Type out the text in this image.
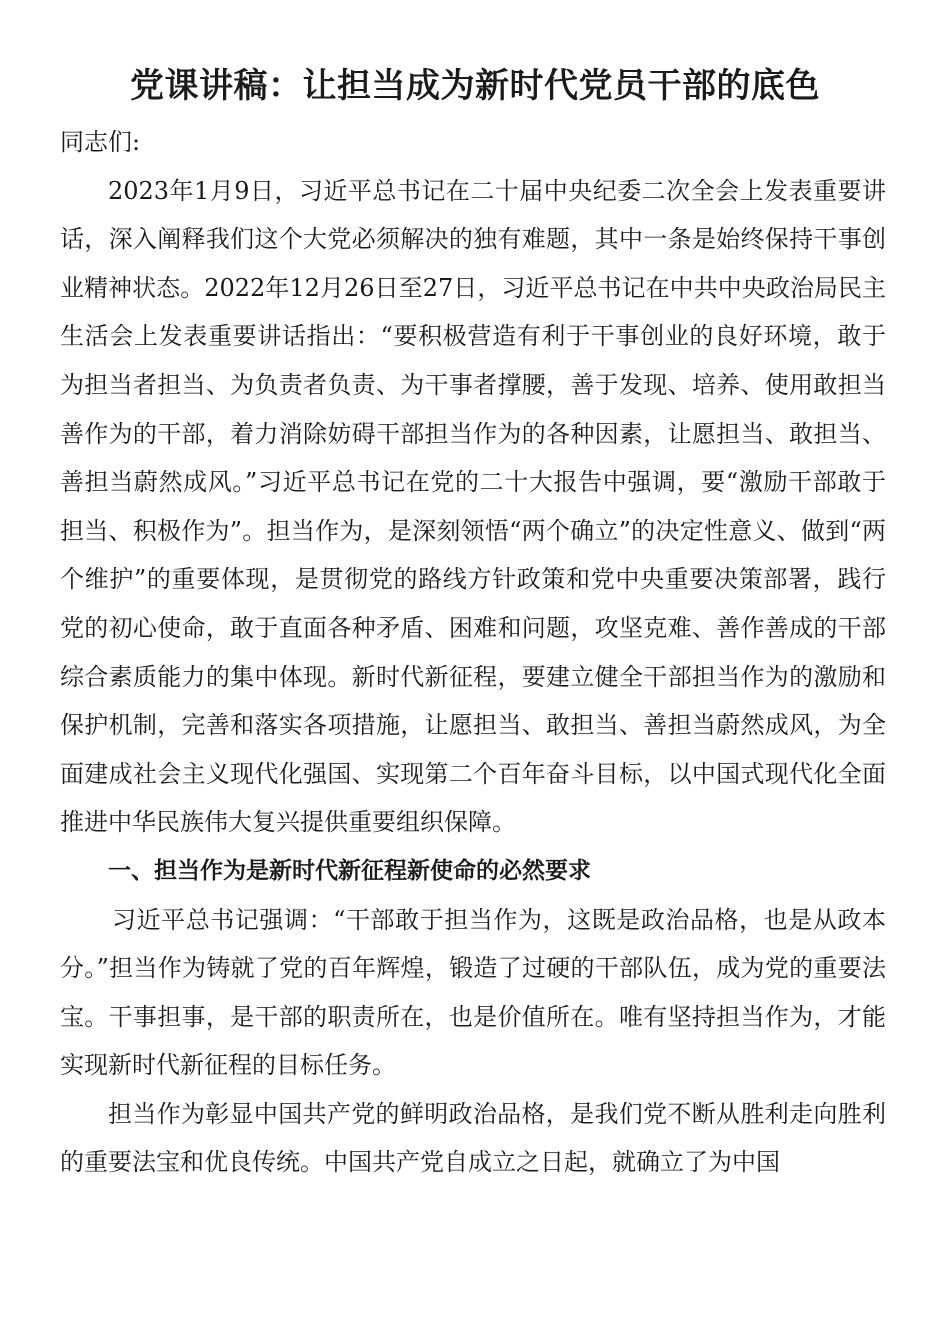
党课讲稿：让担当成为新时代党员干部的底色

同志们:

2023年1月9日，习近平总书记在二十届中央纪委二次全会上发表重要讲话，深入阐释我们这个大党必须解决的独有难题，其中一条是始终保持干事创业精神状态。2022年12月26日至27日，习近平总书记在中共中央政治局民主生活会上发表重要讲话指出：“要积极营造有利于干事创业的良好环境，敢于为担当者担当、为负责者负责、为干事者撑腰，善于发现、培养、使用敢担当善作为的干部，着力消除妨碍干部担当作为的各种因素，让愿担当、敢担当、善担当蔚然成风。”习近平总书记在党的二十大报告中强调，要“激励干部敢于担当、积极作为”。担当作为，是深刻领悟“两个确立”的决定性意义、做到“两个维护”的重要体现，是贯彻党的路线方针政策和党中央重要决策部署，践行党的初心使命，敢于直面各种矛盾、困难和问题，攻坚克难、善作善成的干部综合素质能力的集中体现。新时代新征程，要建立健全干部担当作为的激励和保护机制，完善和落实各项措施，让愿担当、敢担当、善担当蔚然成风，为全面建成社会主义现代化强国、实现第二个百年奋斗目标，以中国式现代化全面推进中华民族伟大复兴提供重要组织保障。

一、担当作为是新时代新征程新使命的必然要求

习近平总书记强调：“干部敢于担当作为，这既是政治品格，也是从政本分。”担当作为铸就了党的百年辉煌，锻造了过硬的干部队伍，成为党的重要法宝。干事担事，是干部的职责所在，也是价值所在。唯有坚持担当作为，才能实现新时代新征程的目标任务。

担当作为彰显中国共产党的鲜明政治品格，是我们党不断从胜利走向胜利的重要法宝和优良传统。中国共产党自成立之日起，就确立了为中国
